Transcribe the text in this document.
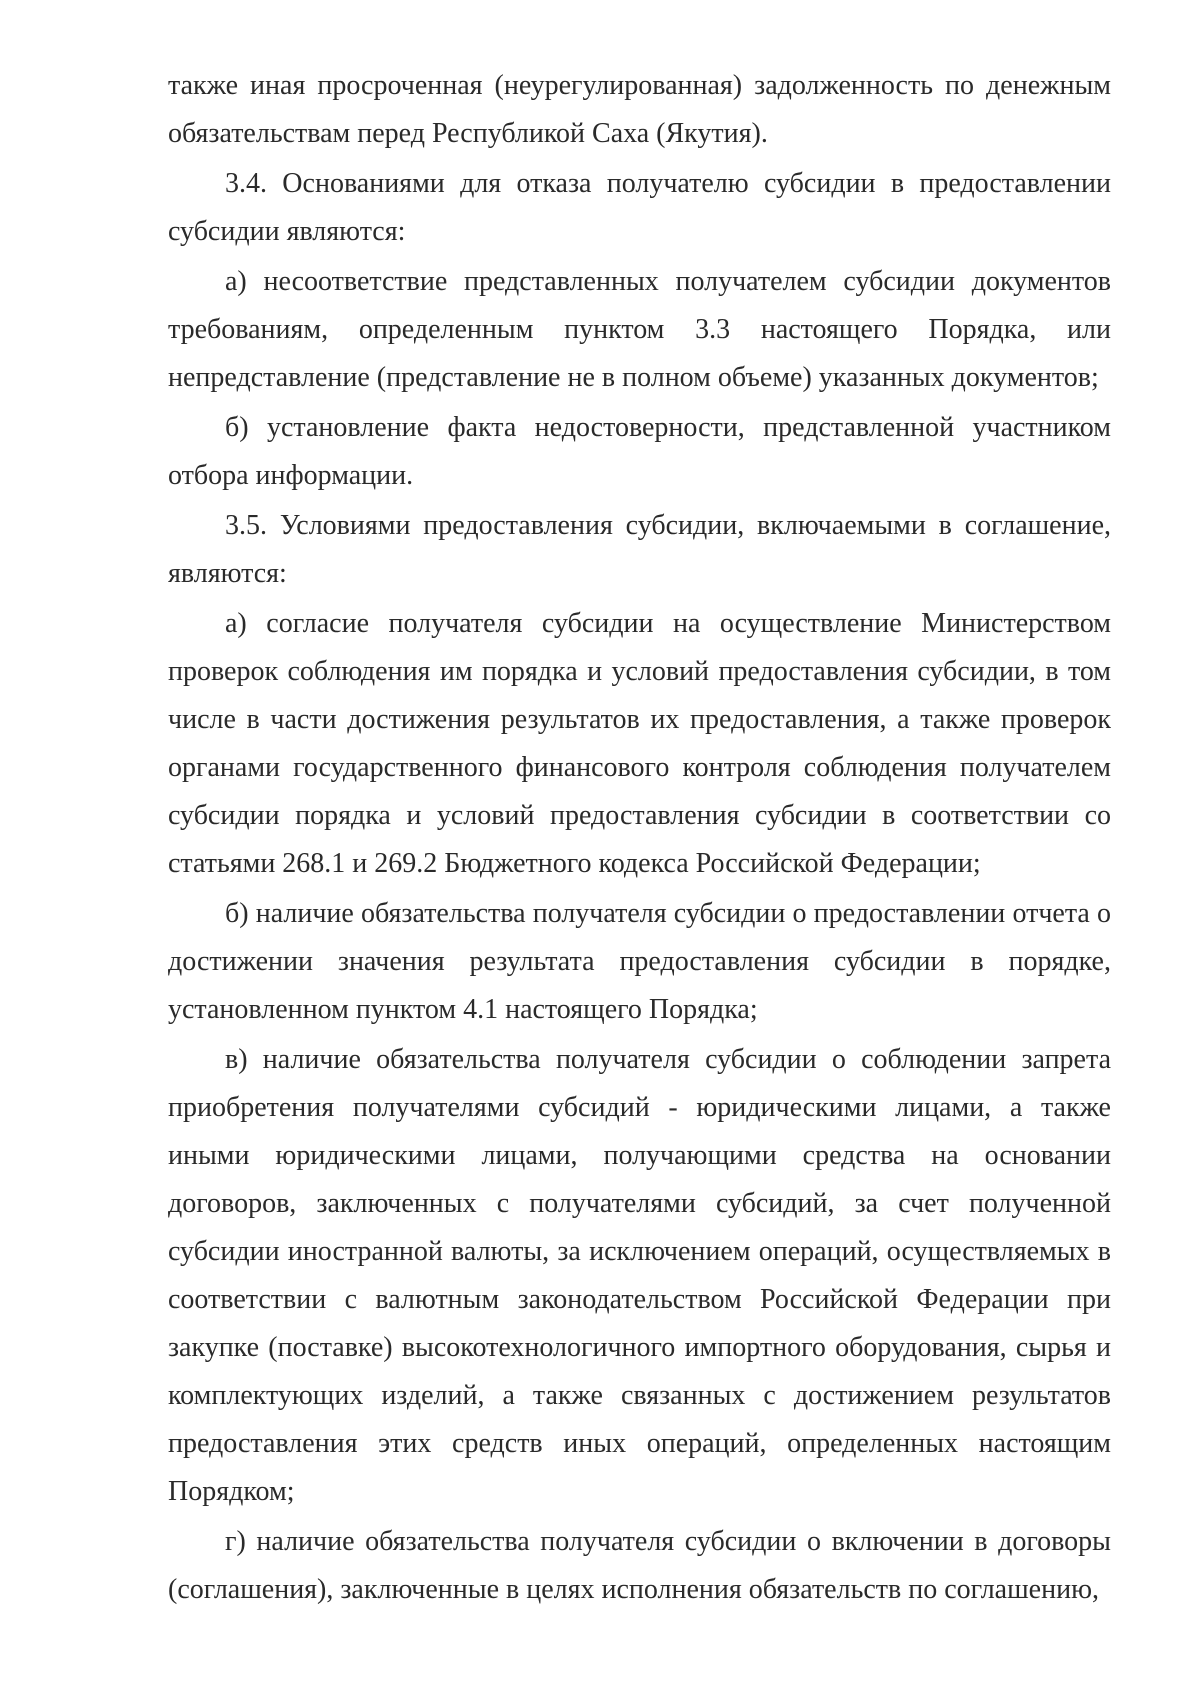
также иная просроченная (неурегулированная) задолженность по денежным обязательствам перед Республикой Саха (Якутия).

3.4. Основаниями для отказа получателю субсидии в предоставлении субсидии являются:

а) несоответствие представленных получателем субсидии документов требованиям, определенным пунктом 3.3 настоящего Порядка, или непредставление (представление не в полном объеме) указанных документов;

б) установление факта недостоверности, представленной участником отбора информации.

3.5. Условиями предоставления субсидии, включаемыми в соглашение, являются:

а) согласие получателя субсидии на осуществление Министерством проверок соблюдения им порядка и условий предоставления субсидии, в том числе в части достижения результатов их предоставления, а также проверок органами государственного финансового контроля соблюдения получателем субсидии порядка и условий предоставления субсидии в соответствии со статьями 268.1 и 269.2 Бюджетного кодекса Российской Федерации;

б) наличие обязательства получателя субсидии о предоставлении отчета о достижении значения результата предоставления субсидии в порядке, установленном пунктом 4.1 настоящего Порядка;

в) наличие обязательства получателя субсидии о соблюдении запрета приобретения получателями субсидий - юридическими лицами, а также иными юридическими лицами, получающими средства на основании договоров, заключенных с получателями субсидий, за счет полученной субсидии иностранной валюты, за исключением операций, осуществляемых в соответствии с валютным законодательством Российской Федерации при закупке (поставке) высокотехнологичного импортного оборудования, сырья и комплектующих изделий, а также связанных с достижением результатов предоставления этих средств иных операций, определенных настоящим Порядком;

г) наличие обязательства получателя субсидии о включении в договоры (соглашения), заключенные в целях исполнения обязательств по соглашению,
